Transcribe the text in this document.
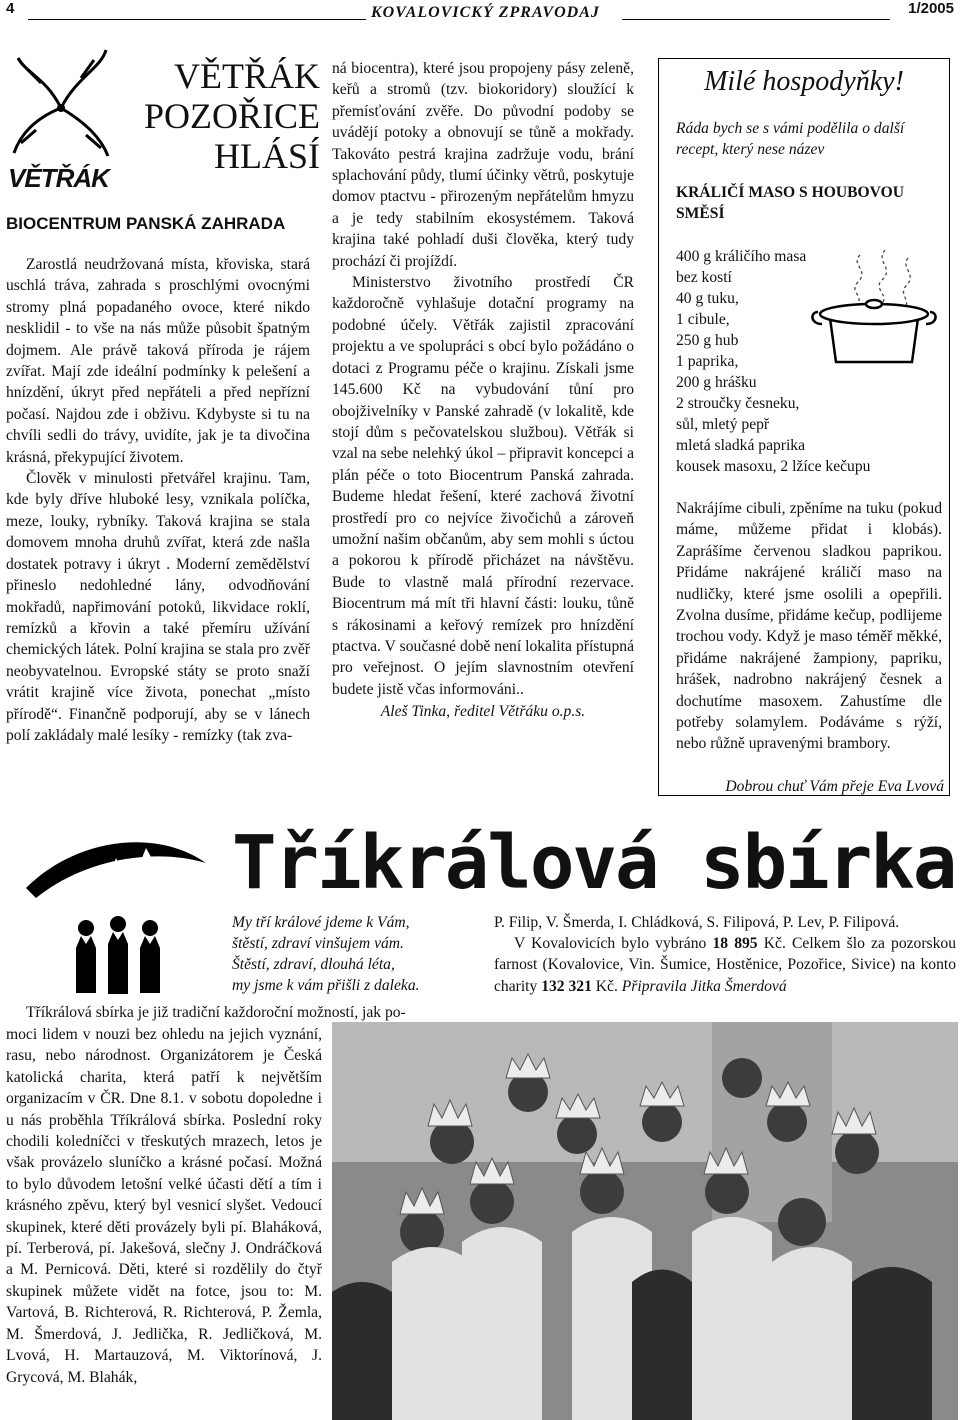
4	KOVALOVICKÝ ZPRAVODAJ	1/2005
VĚTŘÁK
VĚTŘÁK
POZOŘICE
HLÁSÍ
BIOCENTRUM PANSKÁ ZAHRADA

Zarostlá neudržovaná místa, křoviska, stará uschlá tráva, zahrada s proschlými ovocnými stromy plná popadaného ovoce, které nikdo nesklidil - to vše na nás může působit špatným dojmem. Ale právě taková příroda je rájem zvířat. Mají zde ideální podmínky k pelešení a hnízdění, úkryt před nepřáteli a před nepřízní počasí. Najdou zde i obživu. Kdybyste si tu na chvíli sedli do trávy, uvidíte, jak je ta divočina krásná, překypující životem.

Člověk v minulosti přetvářel krajinu. Tam, kde byly dříve hluboké lesy, vznikala políčka, meze, louky, rybníky. Taková krajina se stala domovem mnoha druhů zvířat, která zde našla dostatek potravy i úkryt . Moderní zemědělství přineslo nedohledné lány, odvodňování mokřadů, napřimování potoků, likvidace roklí, remízků a křovin a také přemíru užívání chemických látek. Polní krajina se stala pro zvěř neobyvatelnou. Evropské státy se proto snaží vrátit krajině více života, ponechat „místo přírodě“. Finančně podporují, aby se v lánech polí zakládaly malé lesíky - remízky (tak zva-

ná biocentra), které jsou propojeny pásy zeleně, keřů a stromů (tzv. biokoridory) sloužící k přemísťování zvěře. Do původní podoby se uvádějí potoky a obnovují se tůně a mokřady. Takováto pestrá krajina zadržuje vodu, brání splachování půdy, tlumí účinky větrů, poskytuje domov ptactvu - přirozeným nepřátelům hmyzu a je tedy stabilním ekosystémem. Taková krajina také pohladí duši člověka, který tudy prochází či projíždí.

Ministerstvo životního prostředí ČR každoročně vyhlašuje dotační programy na podobné účely. Větřák zajistil zpracování projektu a ve spolupráci s obcí bylo požádáno o dotaci z Programu péče o krajinu. Získali jsme 145.600 Kč na vybudování tůní pro obojživelníky v Panské zahradě (v lokalitě, kde stojí dům s pečovatelskou službou). Větřák si vzal na sebe nelehký úkol – připravit koncepci a plán péče o toto Biocentrum Panská zahrada. Budeme hledat řešení, které zachová životní prostředí pro co nejvíce živočichů a zároveň umožní našim občanům, aby sem mohli s úctou a pokorou k přírodě přicházet na návštěvu. Bude to vlastně malá přírodní rezervace. Biocentrum má mít tři hlavní části: louku, tůně s rákosinami a keřový remízek pro hnízdění ptactva. V současné době není lokalita přístupná pro veřejnost. O jejím slavnostním otevření budete jistě včas informováni..

Aleš Tinka, ředitel Větřáku o.p.s.

Milé hospodyňky!
Ráda bych se s vámi podělila o další recept, který nese název
KRÁLIČÍ MASO S HOUBOVOU SMĚSÍ
400 g králičího masa
bez kostí
40 g tuku,
1 cibule,
250 g hub
1 paprika,
200 g hrášku
2 stroučky česneku,
sůl, mletý pepř
mletá sladká paprika
kousek masoxu, 2 lžíce kečupu
Nakrájíme cibuli, zpěníme na tuku (pokud máme, můžeme přidat i klobás). Zaprášíme červenou sladkou paprikou. Přidáme nakrájené králičí maso na nudličky, které jsme osolili a opepřili. Zvolna dusíme, přidáme kečup, podlijeme trochou vody. Když je maso téměř měkké, přidáme nakrájené žampiony, papriku, hrášek, nadrobno nakrájený česnek a dochutíme masoxem. Zahustíme dle potřeby solamylem. Podáváme s rýží, nebo růžně upravenými brambory.
Dobrou chuť Vám přeje Eva Lvová
Tříkrálová sbírka
My tří králové jdeme k Vám,
štěstí, zdraví vinšujem vám.
Štěstí, zdraví, dlouhá léta,
my jsme k vám přišli z daleka.
P. Filip, V. Šmerda, I. Chládková, S. Filipová, P. Lev, P. Filipová.
V Kovalovicích bylo vybráno 18 895 Kč. Celkem šlo za pozorskou farnost (Kovalovice, Vin. Šumice, Hostěnice, Pozořice, Sivice) na konto charity 132 321 Kč. Připravila Jitka Šmerdová
Tříkrálová sbírka je již tradiční každoroční možností, jak po-

moci lidem v nouzi bez ohledu na jejich vyznání, rasu, nebo národnost. Organizátorem je Česká katolická charita, která patří k největším organizacím v ČR. Dne 8.1. v sobotu dopoledne i u nás proběhla Tříkrálová sbírka. Poslední roky chodili koledníčci v třeskutých mrazech, letos je však provázelo sluníčko a krásné počasí. Možná to bylo důvodem letošní velké účasti dětí a tím i krásného zpěvu, který byl vesnicí slyšet. Vedoucí skupinek, které děti provázely byli pí. Blaháková, pí. Terberová, pí. Jakešová, slečny J. Ondráčková a M. Pernicová. Děti, které si rozdělily do čtyř skupinek můžete vidět na fotce, jsou to: M. Vartová, B. Richterová, R. Richterová, P. Žemla, M. Šmerdová, J. Jedlička, R. Jedličková, M. Lvová, H. Martauzová, M. Viktorínová, J. Grycová, M. Blahák,
